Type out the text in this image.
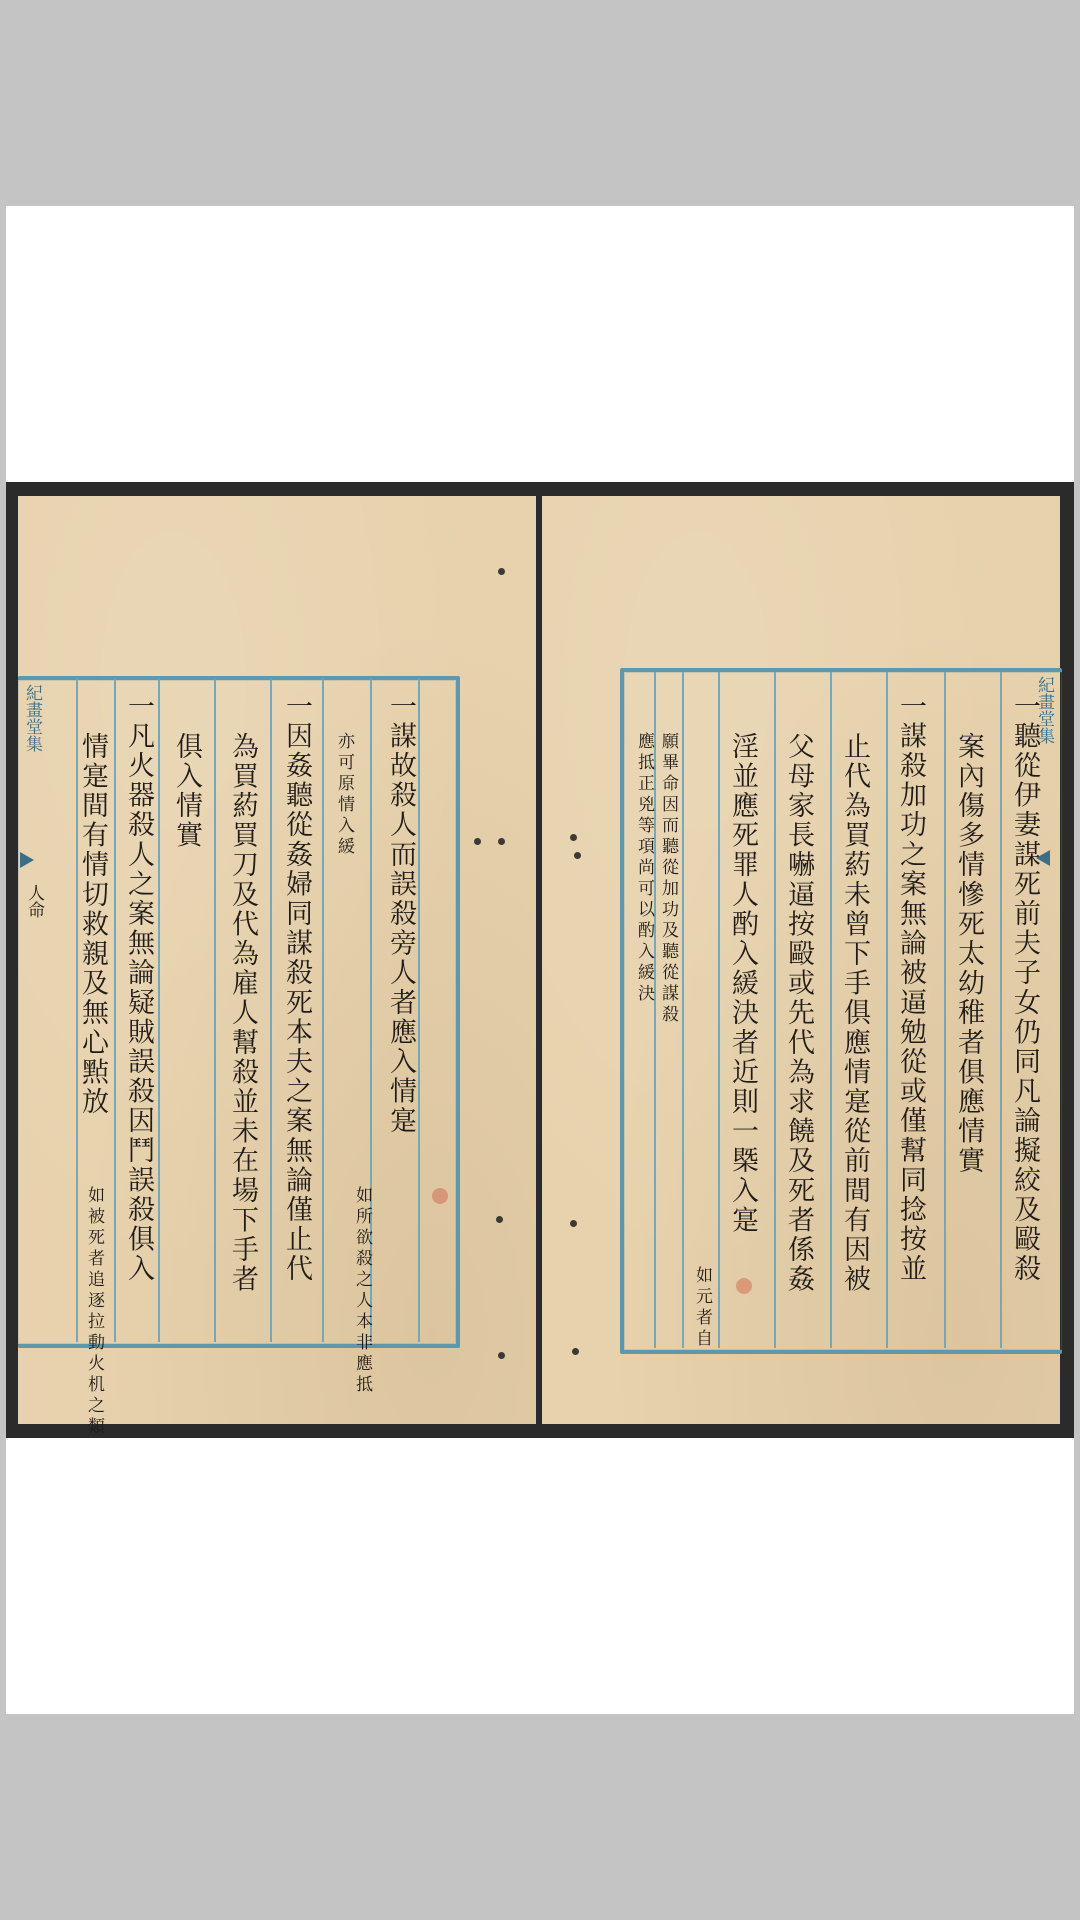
紀畫堂集
人命	一謀故殺人而誤殺旁人者應入情寔
如所欲殺之人本非應抵
亦可原情入緩
一因姦聽從姦婦同謀殺死本夫之案無論僅止代
為買葯買刀及代為雇人幫殺並未在場下手者
俱入情實
一凡火器殺人之案無論疑賊誤殺因鬥誤殺俱入
情寔間有情切救親及無心㸃放
如被死者追逐拉動火机之類
一聽從伊妻謀死前夫子女仍同凡論擬絞及毆殺
案內傷多情慘死太幼稚者俱應情實
一謀殺加功之案無論被逼勉從或僅幫同捻按並
止代為買葯未曾下手俱應情寔從前間有因被
父母家長嚇逼按毆或先代為求饒及死者係姦
淫並應死罪人酌入緩決者近則一槩入寔
如元者自
願畢命因而聽從加功及聽從謀殺
應抵正兇等項尚可以酌入緩決
紀畫堂集
